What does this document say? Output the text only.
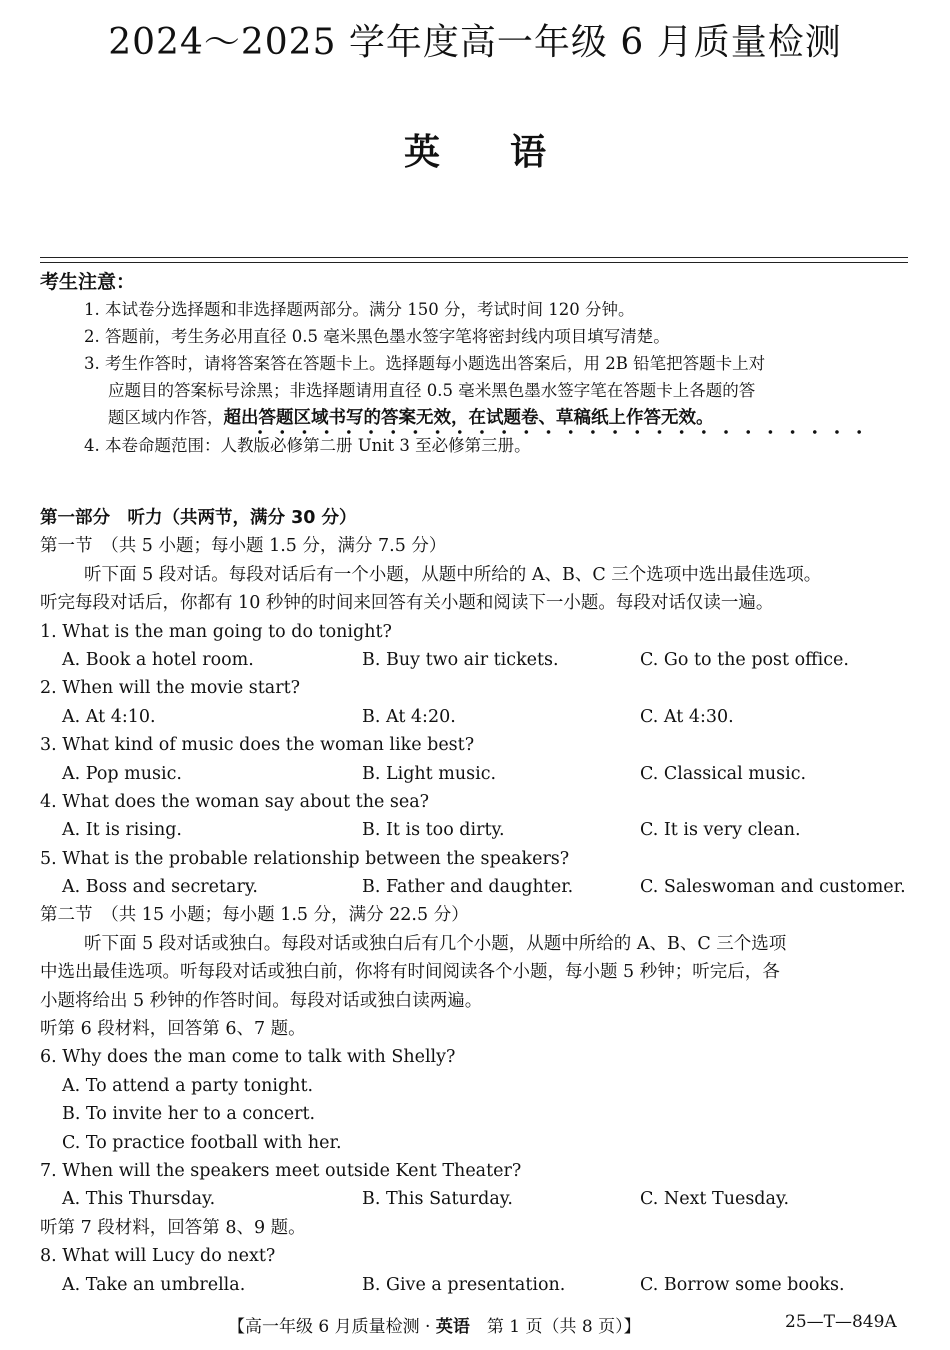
2024～2025 学年度高一年级 6 月质量检测
英 语
考生注意：
1. 本试卷分选择题和非选择题两部分。满分 150 分，考试时间 120 分钟。
2. 答题前，考生务必用直径 0.5 毫米黑色墨水签字笔将密封线内项目填写清楚。
3. 考生作答时，请将答案答在答题卡上。选择题每小题选出答案后，用 2B 铅笔把答题卡上对
应题目的答案标号涂黑；非选择题请用直径 0.5 毫米黑色墨水签字笔在答题卡上各题的答
题区域内作答，超出答题区域书写的答案无效，在试题卷、草稿纸上作答无效。
4. 本卷命题范围：人教版必修第二册 Unit 3 至必修第三册。
第一部分　听力（共两节，满分 30 分）
第一节　（共 5 小题；每小题 1.5 分，满分 7.5 分）
听下面 5 段对话。每段对话后有一个小题，从题中所给的 A、B、C 三个选项中选出最佳选项。
听完每段对话后，你都有 10 秒钟的时间来回答有关小题和阅读下一小题。每段对话仅读一遍。
1. What is the man going to do tonight?
A. Book a hotel room.	B. Buy two air tickets.	C. Go to the post office.
2. When will the movie start?
A. At 4:10.	B. At 4:20.	C. At 4:30.
3. What kind of music does the woman like best?
A. Pop music.	B. Light music.	C. Classical music.
4. What does the woman say about the sea?
A. It is rising.	B. It is too dirty.	C. It is very clean.
5. What is the probable relationship between the speakers?
A. Boss and secretary.	B. Father and daughter.	C. Saleswoman and customer.
第二节　（共 15 小题；每小题 1.5 分，满分 22.5 分）
听下面 5 段对话或独白。每段对话或独白后有几个小题，从题中所给的 A、B、C 三个选项
中选出最佳选项。听每段对话或独白前，你将有时间阅读各个小题，每小题 5 秒钟；听完后，各
小题将给出 5 秒钟的作答时间。每段对话或独白读两遍。
听第 6 段材料，回答第 6、7 题。
6. Why does the man come to talk with Shelly?
A. To attend a party tonight.
B. To invite her to a concert.
C. To practice football with her.
7. When will the speakers meet outside Kent Theater?
A. This Thursday.	B. This Saturday.	C. Next Tuesday.
听第 7 段材料，回答第 8、9 题。
8. What will Lucy do next?
A. Take an umbrella.	B. Give a presentation.	C. Borrow some books.
【高一年级 6 月质量检测 · 英语　第 1 页（共 8 页）】	25—T—849A
